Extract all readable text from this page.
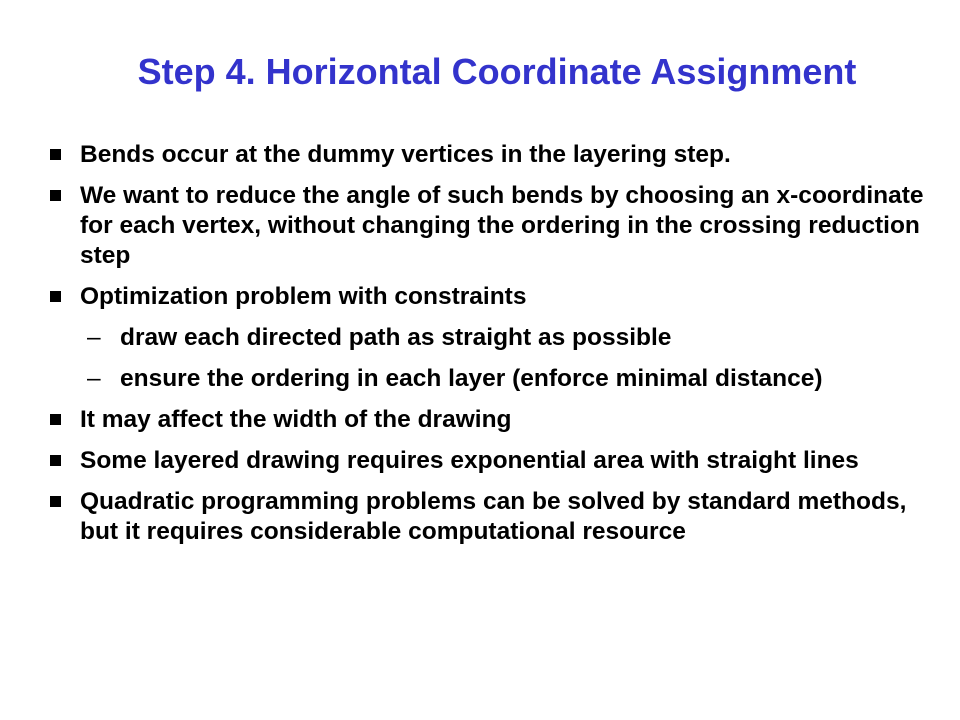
Step 4. Horizontal Coordinate Assignment
Bends occur at the dummy vertices in the layering step.
We want to reduce the angle of such bends by choosing an x-coordinate for each vertex, without changing the ordering in the crossing reduction step
Optimization problem with constraints
– draw each directed path as straight as possible
– ensure the ordering in each layer (enforce minimal distance)
It may affect the width of the drawing
Some layered drawing requires exponential area with straight lines
Quadratic programming problems can be solved by standard methods, but it requires considerable computational resource
